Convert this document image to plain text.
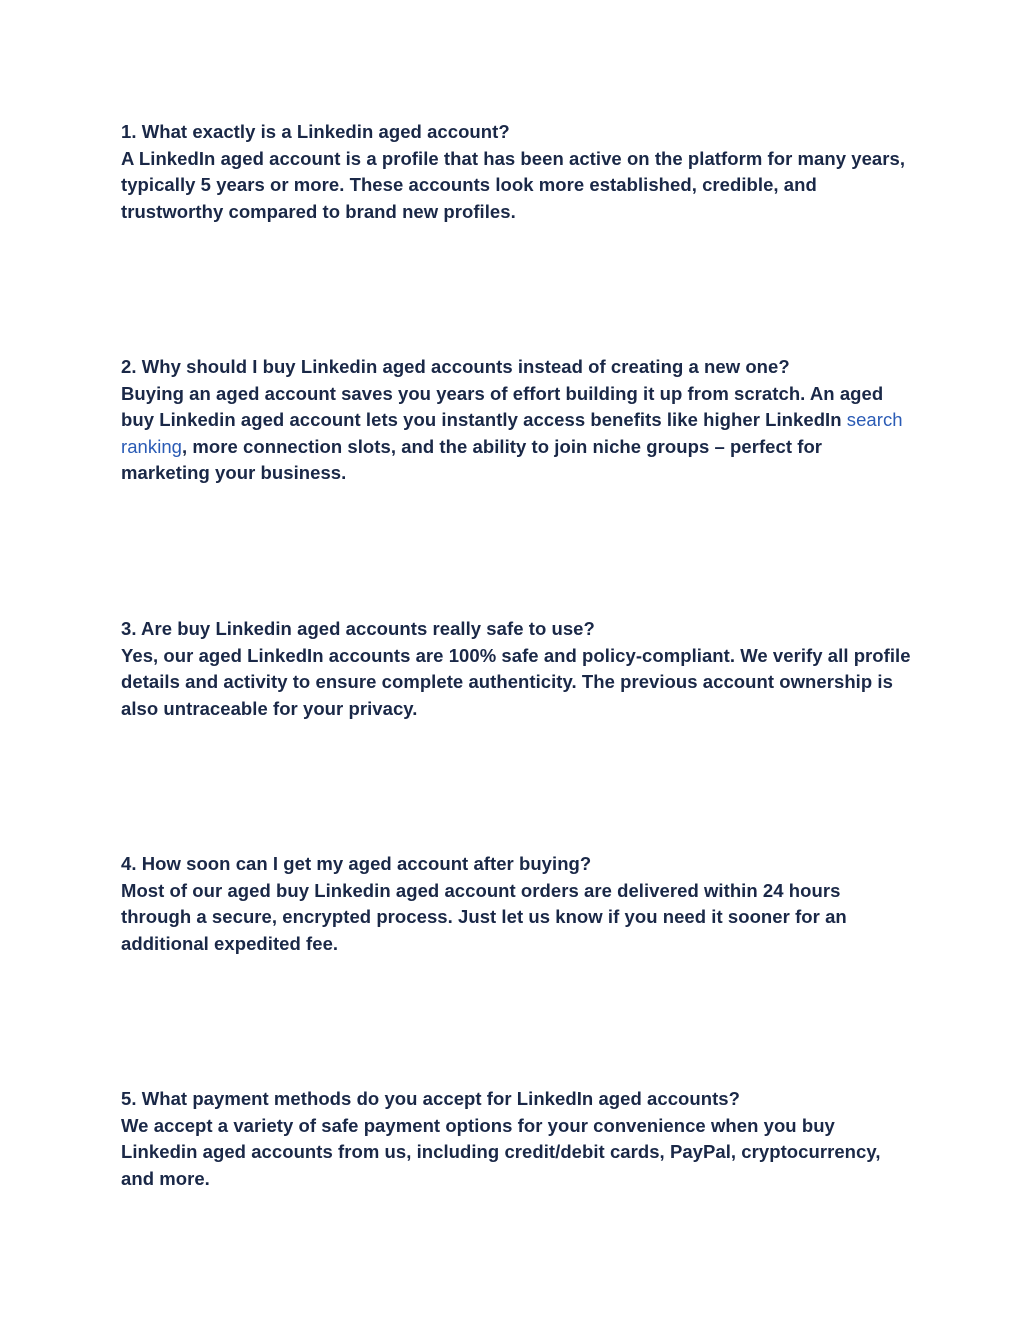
1. What exactly is a Linkedin aged account?

A LinkedIn aged account is a profile that has been active on the platform for many years, typically 5 years or more. These accounts look more established, credible, and trustworthy compared to brand new profiles.

2. Why should I buy Linkedin aged accounts instead of creating a new one?

Buying an aged account saves you years of effort building it up from scratch. An aged buy Linkedin aged account lets you instantly access benefits like higher LinkedIn search ranking, more connection slots, and the ability to join niche groups – perfect for marketing your business.

3. Are buy Linkedin aged accounts really safe to use?

Yes, our aged LinkedIn accounts are 100% safe and policy-compliant. We verify all profile details and activity to ensure complete authenticity. The previous account ownership is also untraceable for your privacy.

4. How soon can I get my aged account after buying?

Most of our aged buy Linkedin aged account orders are delivered within 24 hours through a secure, encrypted process. Just let us know if you need it sooner for an additional expedited fee.

5. What payment methods do you accept for LinkedIn aged accounts?

We accept a variety of safe payment options for your convenience when you buy Linkedin aged accounts from us, including credit/debit cards, PayPal, cryptocurrency, and more.
